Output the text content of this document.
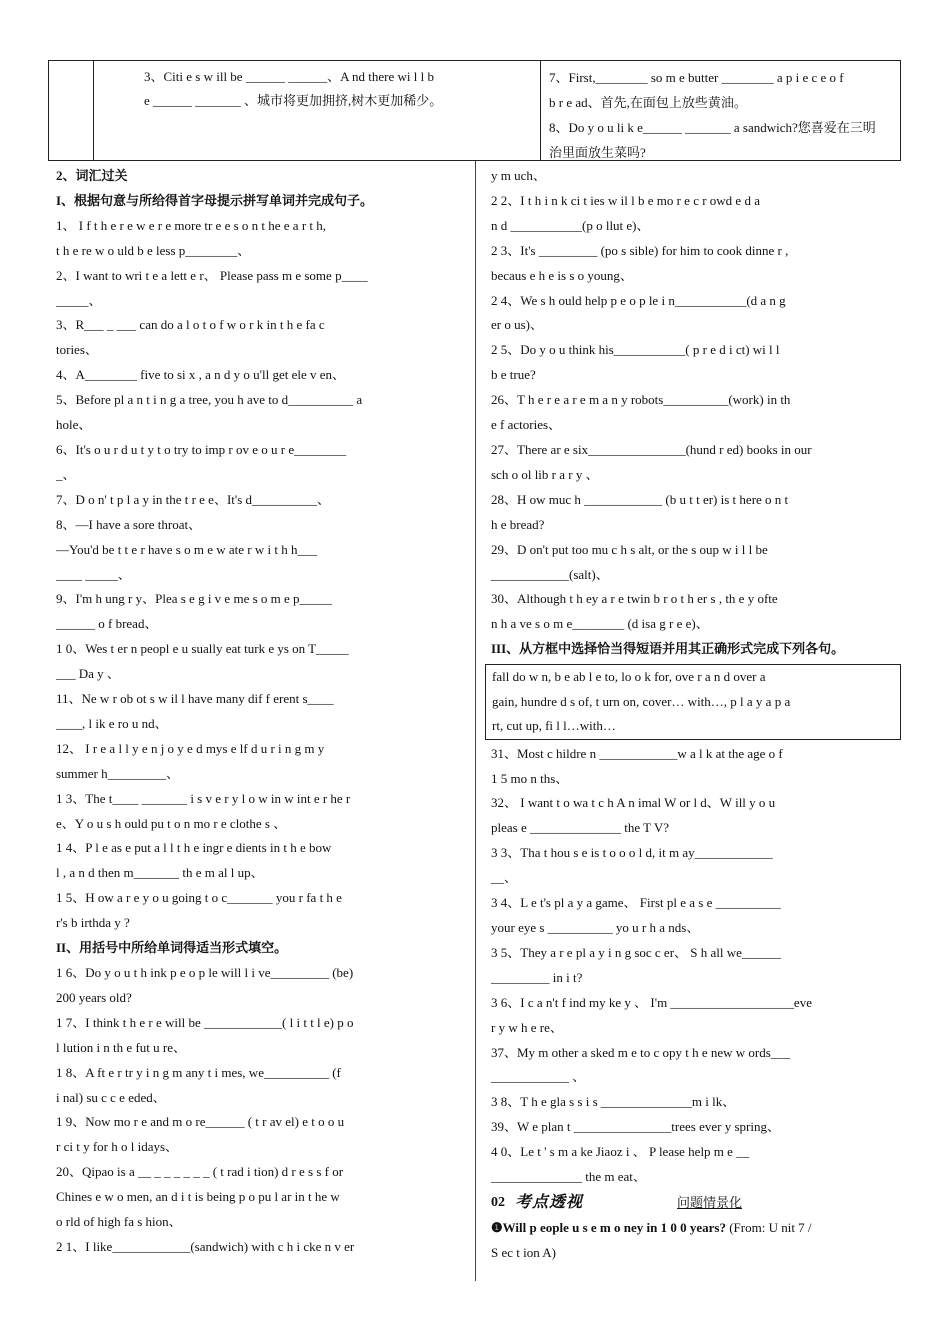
3、Citi e s w ill be ______ ______、A nd there wi l l b
e ______ _______ 、城市将更加拥挤,树木更加稀少。
7、First,________ so m e butter ________ a p i e c e o f
b r e ad、首先,在面包上放些黄油。
8、Do y o u li k e______ _______ a sandwich?您喜爱在三明
治里面放生菜吗?
2、词汇过关
I、根据句意与所给得首字母提示拼写单词并完成句子。
1、 I f t h e r e w e r e more tr e e s o n t he e a r t h,
t h e re w o uld b e less p________、
2、I want to wri t e a lett e r、 Please pass m e some p____
_____、
3、R___ _ ___ can do a l o t o f w o r k in t h e fa c
tories、
4、A________ five to si x , a n d y o u'll get ele v en、
5、Before pl a n t i n g a tree, you h ave to d__________ a
hole、
6、It's o u r d u t y t o try to imp r ov e o u r e________
_、
7、D o n' t p l a y in the t r e e、It's d__________、
8、—I have a sore throat、
—You'd be t t e r have s o m e w ate r w i t h h___
____ _____、
9、I'm h ung r y、Plea s e g i v e me s o m e p_____
______ o f bread、
1 0、Wes t er n peopl e u sually eat turk e ys on T_____
___ Da y 、
11、Ne w r ob ot s w il l have many dif f erent s____
____, l ik e ro u nd、
12、 I r e a l l y e n j o y e d mys e lf d u r i n g m y
summer h_________、
1 3、The t____ _______ i s v e r y l o w in w int e r he r
e、Y o u s h ould pu t o n mo r e clothe s 、
1 4、P l e as e put a l l t h e ingr e dients in t h e bow
l , a n d then m_______ th e m al l up、
1 5、H ow a r e y o u going t o c_______ you r fa t h e
r's b irthda y ?
II、用括号中所给单词得适当形式填空。
1 6、Do y o u t h ink p e o p le will l i ve_________ (be)
200 years old?
1 7、I think t h e r e will be ____________( l i t t l e) p o
l lution i n th e fut u re、
1 8、A ft e r tr y i n g m any t i mes, we__________ (f
i nal) su c c e eded、
1 9、Now mo r e and m o re______ ( t r av el) e t o o u
r ci t y for h o l idays、
20、Qipao is a __ _ _ _ _ _ _ ( t rad i tion) d r e s s f or
Chines e w o men, an d i t is being p o pu l ar in t he w
o rld of high fa s hion、
2 1、I like____________(sandwich) with c h i cke n v er
y m uch、
2 2、I t h i n k ci t ies w il l b e mo r e c r owd e d a
n d ___________(p o llut e)、
2 3、It's _________ (po s sible) for him to cook dinne r ,
becaus e h e is s o young、
2 4、We s h ould help p e o p le i n___________(d a n g
er o us)、
2 5、Do y o u think his___________( p r e d i ct) wi l l
b e true?
26、T h e r e a r e m a n y robots__________(work) in th
e f actories、
27、There ar e six_______________(hund r ed) books in our
sch o ol lib r a r y 、
28、H ow muc h ____________ (b u t t er) is t here o n t
h e bread?
29、D on't put too mu c h s alt, or the s oup w i l l be
____________(salt)、
30、Although t h ey a r e twin b r o t h er s , th e y ofte
n h a ve s o m e________ (d isa g r e e)、
III、从方框中选择恰当得短语并用其正确形式完成下列各句。
fall do w n, b e ab l e to, lo o k for, ove r a n d over a
gain, hundre d s of, t urn on, cover… with…, p l a y a p a
rt, cut up, fi l l…with…
31、Most c hildre n ____________w a l k at the age o f
1 5 mo n ths、
32、 I want t o wa t c h A n imal W or l d、W ill y o u
pleas e ______________ the T V?
3 3、Tha t hou s e is t o o o l d, it m ay____________
__、
3 4、L e t's pl a y a game、 First pl e a s e __________
your eye s __________ yo u r h a nds、
3 5、They a r e pl a y i n g soc c er、 S h all we______
_________ in i t?
3 6、I c a n't f ind my ke y 、 I'm ___________________eve
r y w h e re、
37、My m other a sked m e to c opy t h e new w ords___
____________ 、
3 8、T h e gla s s i s ______________m i lk、
39、W e plan t _______________trees ever y spring、
4 0、Le t ' s m a ke Jiaoz i 、 P lease help m e __
______________ the m eat、
02 考点透视	问题情景化
❶Will p eople u s e m o ney in 1 0 0 years? (From: U nit 7 /
S ec t ion A)
